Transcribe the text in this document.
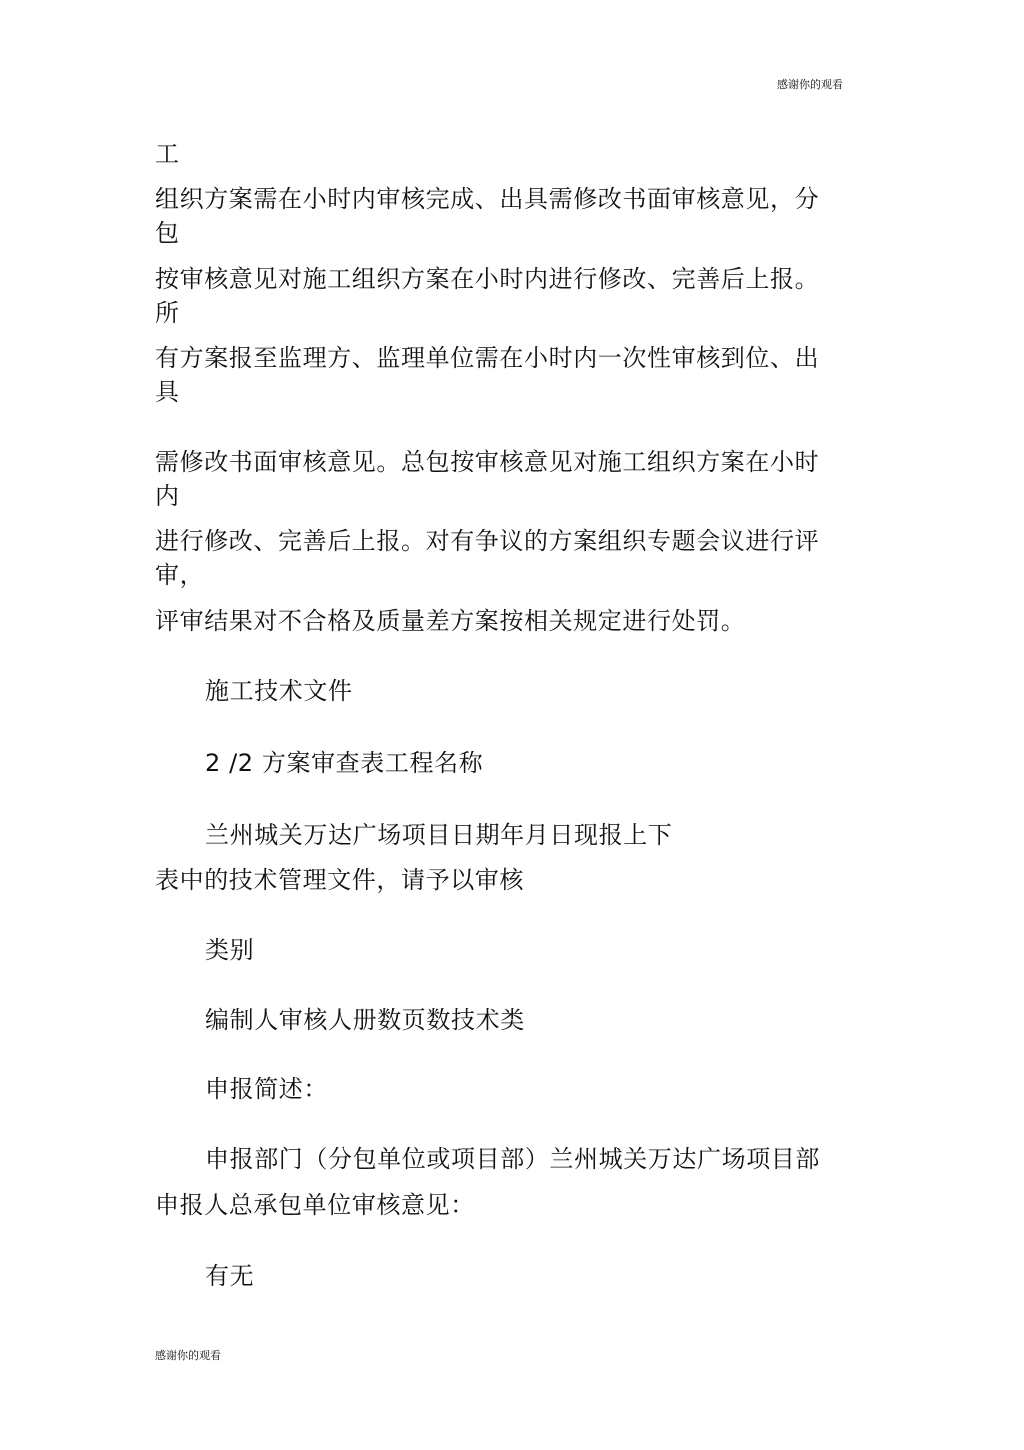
感谢你的观看
工
组织方案需在小时内审核完成、出具需修改书面审核意见，分
包
按审核意见对施工组织方案在小时内进行修改、完善后上报。
所
有方案报至监理方、监理单位需在小时内一次性审核到位、出
具
需修改书面审核意见。总包按审核意见对施工组织方案在小时
内
进行修改、完善后上报。对有争议的方案组织专题会议进行评
审，
评审结果对不合格及质量差方案按相关规定进行处罚。
施工技术文件
2 /2 方案审查表工程名称
兰州城关万达广场项目日期年月日现报上下
表中的技术管理文件，请予以审核
类别
编制人审核人册数页数技术类
申报简述：
申报部门（分包单位或项目部）兰州城关万达广场项目部
申报人总承包单位审核意见：
有无
感谢你的观看
